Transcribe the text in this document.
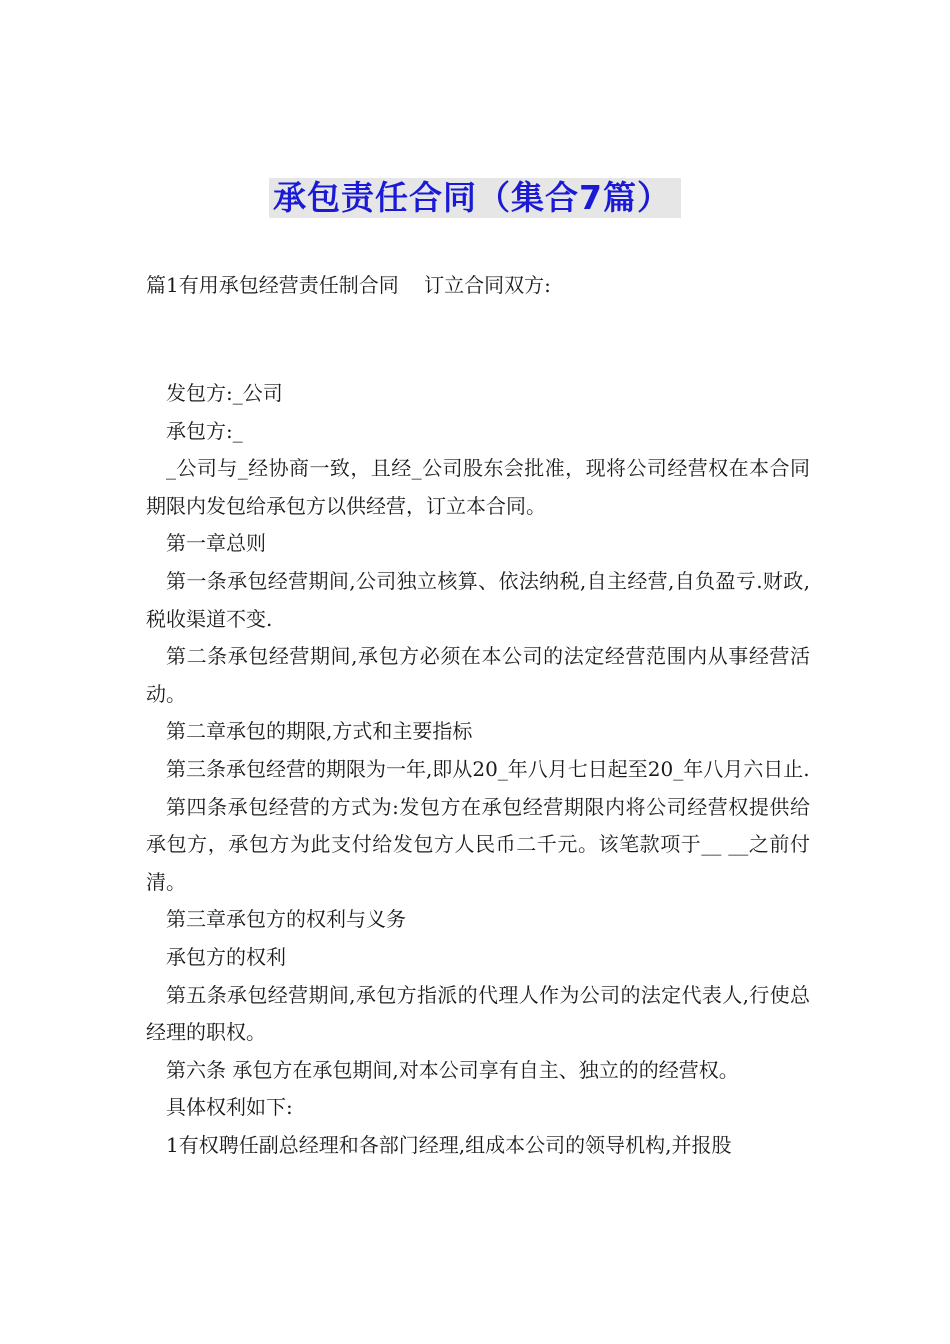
承包责任合同（集合7篇）
篇1有用承包经营责任制合同    订立合同双方:

发包方:_公司

承包方:_

_公司与_经协商一致，且经_公司股东会批准，现将公司经营权在本合同期限内发包给承包方以供经营，订立本合同。

第一章总则

第一条承包经营期间,公司独立核算、依法纳税,自主经营,自负盈亏.财政,税收渠道不变.

第二条承包经营期间,承包方必须在本公司的法定经营范围内从事经营活动。

第二章承包的期限,方式和主要指标

第三条承包经营的期限为一年,即从20_年八月七日起至20_年八月六日止.

第四条承包经营的方式为:发包方在承包经营期限内将公司经营权提供给承包方，承包方为此支付给发包方人民币二千元。该笔款项于__ __之前付清。

第三章承包方的权利与义务

承包方的权利

第五条承包经营期间,承包方指派的代理人作为公司的法定代表人,行使总经理的职权。

第六条 承包方在承包期间,对本公司享有自主、独立的的经营权。

具体权利如下:

1有权聘任副总经理和各部门经理,组成本公司的领导机构,并报股
